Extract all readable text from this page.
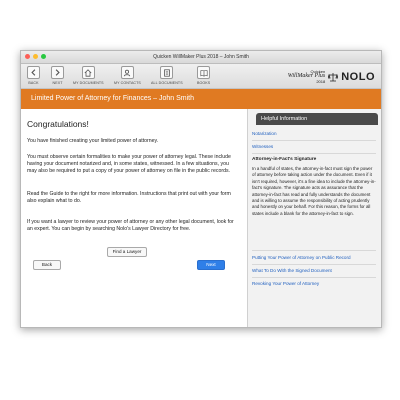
Quicken WillMaker Plus 2018 – John Smith
BACK	NEXT	MY DOCUMENTS	MY CONTACTS	ALL DOCUMENTS	BOOKS
Quicken
WillMaker Plus
2018 NOLO
Limited Power of Attorney for Finances – John Smith
Congratulations!

You have finished creating your limited power of attorney.

You must observe certain formalities to make your power of attorney legal. These include having your document notarized and, in some states, witnessed. In a few situations, you may also be required to put a copy of your power of attorney on file in the public records.

Read the Guide to the right for more information. Instructions that print out with your form also explain what to do.

If you want a lawyer to review your power of attorney or any other legal document, look for an expert. You can begin by searching Nolo's Lawyer Directory for free.

Find a Lawyer
Back	Next
Helpful Information
Notarization
Witnesses
Attorney-in-Fact's Signature

In a handful of states, the attorney-in-fact must sign the power of attorney before taking action under the document. Even if it isn't required, however, it's a fine idea to include the attorney-in-fact's signature. The signature acts as assurance that the attorney-in-fact has read and fully understands the document and is willing to assume the responsibility of acting prudently and honestly on your behalf. For this reason, the forms for all states include a blank for the attorney-in-fact to sign.

Putting Your Power of Attorney on Public Record
What To Do With the Signed Document
Revoking Your Power of Attorney
